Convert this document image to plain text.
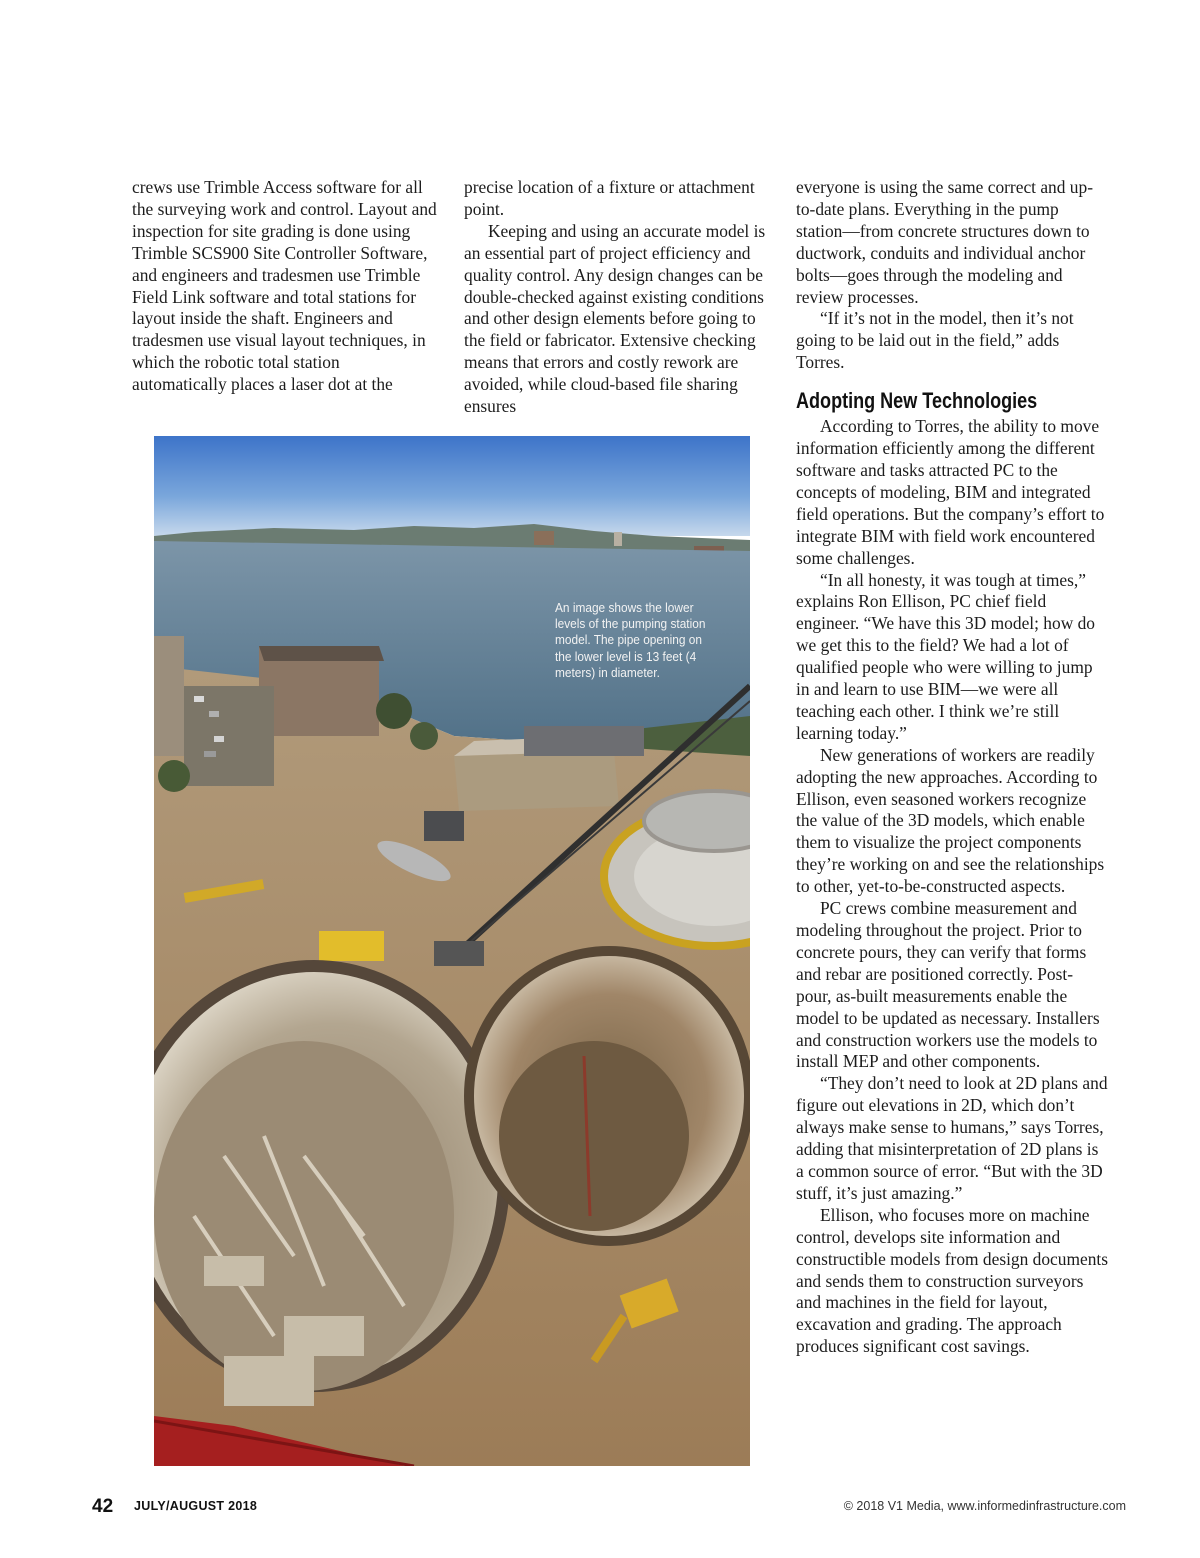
crews use Trimble Access software for all the surveying work and control. Layout and inspection for site grading is done using Trimble SCS900 Site Controller Software, and engineers and tradesmen use Trimble Field Link software and total stations for layout inside the shaft. Engineers and tradesmen use visual layout techniques, in which the robotic total station automatically places a laser dot at the

precise location of a fixture or attachment point.

Keeping and using an accurate model is an essential part of project efficiency and quality control. Any design changes can be double-checked against existing conditions and other design elements before going to the field or fabricator. Extensive checking means that errors and costly rework are avoided, while cloud-based file sharing ensures

everyone is using the same correct and up-to-date plans. Everything in the pump station—from concrete structures down to ductwork, conduits and individual anchor bolts—goes through the modeling and review processes.

“If it’s not in the model, then it’s not going to be laid out in the field,” adds Torres.

Adopting New Technologies

According to Torres, the ability to move information efficiently among the different software and tasks attracted PC to the concepts of modeling, BIM and integrated field operations. But the company’s effort to integrate BIM with field work encountered some challenges.

“In all honesty, it was tough at times,” explains Ron Ellison, PC chief field engineer. “We have this 3D model; how do we get this to the field? We had a lot of qualified people who were willing to jump in and learn to use BIM—we were all teaching each other. I think we’re still learning today.”

New generations of workers are readily adopting the new approaches. According to Ellison, even seasoned workers recognize the value of the 3D models, which enable them to visualize the project components they’re working on and see the relationships to other, yet-to-be-constructed aspects.

PC crews combine measurement and modeling throughout the project. Prior to concrete pours, they can verify that forms and rebar are positioned correctly. Post-pour, as-built measurements enable the model to be updated as necessary. Installers and construction workers use the models to install MEP and other components.

“They don’t need to look at 2D plans and figure out elevations in 2D, which don’t always make sense to humans,” says Torres, adding that misinterpretation of 2D plans is a common source of error. “But with the 3D stuff, it’s just amazing.”

Ellison, who focuses more on machine control, develops site information and constructible models from design documents and sends them to construction surveyors and machines in the field for layout, excavation and grading. The approach produces significant cost savings.

An image shows the lower levels of the pumping station model. The pipe opening on the lower level is 13 feet (4 meters) in diameter.
42 JULY/AUGUST 2018	© 2018 V1 Media, www.informedinfrastructure.com
